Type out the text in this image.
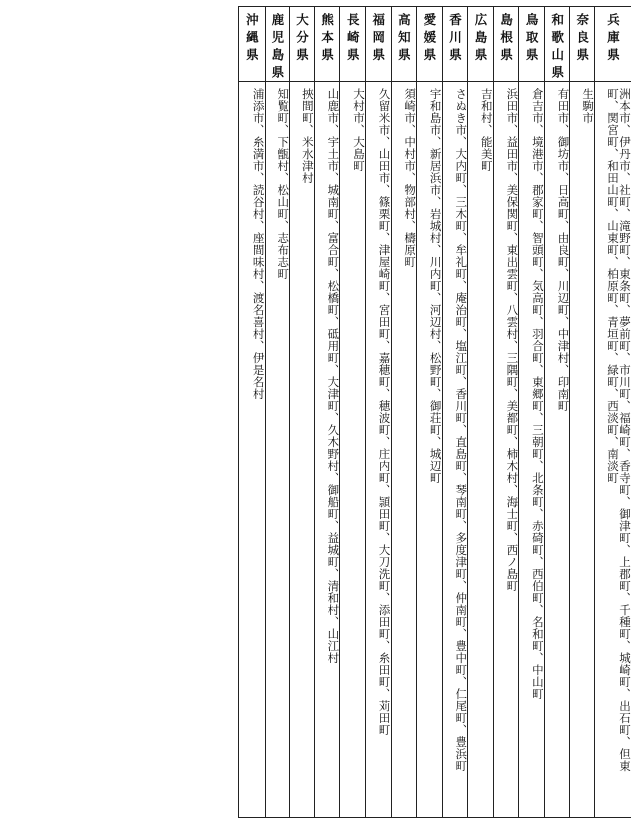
兵庫県
洲本市、伊丹市、社町、滝野町、東条町、夢前町、市川町、福崎町、香寺町、御津町、上郡町、千種町、城崎町、出石町、但東
町、関宮町、和田山町、山東町、柏原町、青垣町、緑町、西淡町、南淡町
奈良県
生駒市
和歌山県
有田市、御坊市、日高町、由良町、川辺町、中津村、印南町
鳥取県
倉吉市、境港市、郡家町、智頭町、気高町、羽合町、東郷町、三朝町、北条町、赤碕町、西伯町、名和町、中山町
島根県
浜田市、益田市、美保関町、東出雲町、八雲村、三隅町、美都町、柿木村、海士町、西ノ島町
広島県
吉和村、能美町
香川県
さぬき市、大内町、三木町、牟礼町、庵治町、塩江町、香川町、直島町、琴南町、多度津町、仲南町、豊中町、仁尾町、豊浜町
愛媛県
宇和島市、新居浜市、岩城村、川内町、河辺村、松野町、御荘町、城辺町
高知県
須崎市、中村市、物部村、檮原町
福岡県
久留米市、山田市、篠栗町、津屋崎町、宮田町、嘉穂町、穂波町、庄内町、頴田町、大刀洗町、添田町、糸田町、苅田町
長崎県
大村市、大島町
熊本県
山鹿市、宇土市、城南町、富合町、松橋町、砥用町、大津町、久木野村、御船町、益城町、清和村、山江村
大分県
挾間町、米水津村
鹿児島県
知覧町、下甑村、松山町、志布志町
沖縄県
浦添市、糸満市、読谷村、座間味村、渡名喜村、伊是名村
